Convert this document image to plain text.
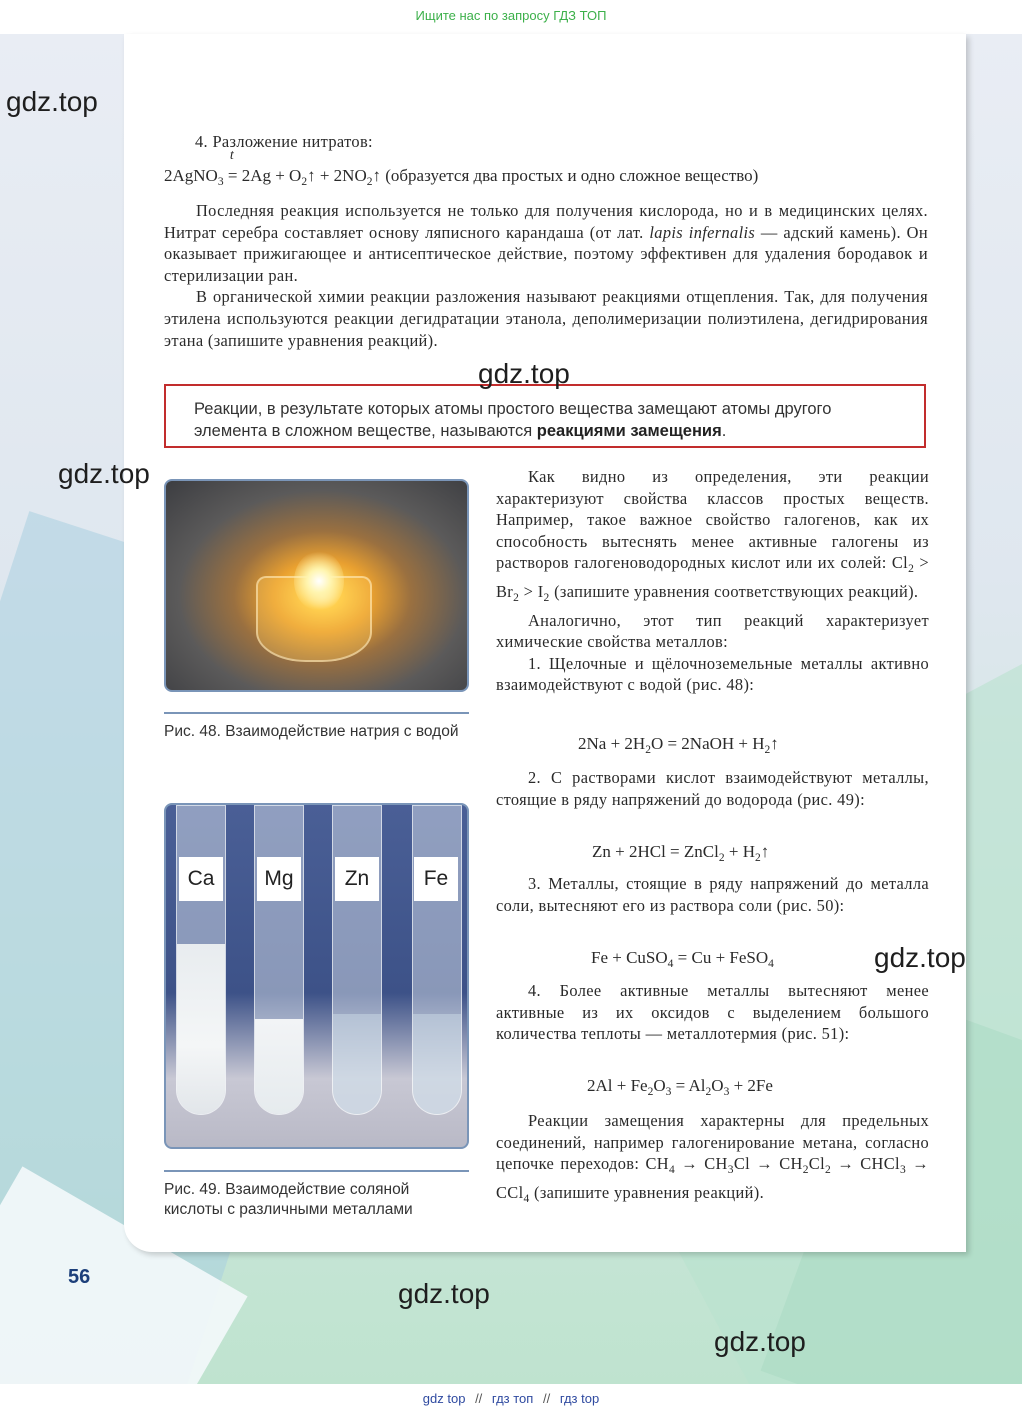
Ищите нас по запросу ГДЗ ТОП
4. Разложение нитратов:
2AgNO$_3$ =
t
$2Ag + O_2↑$ + $2NO_2↑$ (образуется два простых и одно сложное вещество)

Последняя реакция используется не только для получения кислорода, но и в медицинских целях. Нитрат серебра составляет основу ляписного карандаша (от лат. lapis infernalis — адский камень). Он оказывает прижигающее и антисептическое действие, поэтому эффективен для удаления бородавок и стерилизации ран.

В органической химии реакции разложения называют реакциями отщепления. Так, для получения этилена используются реакции дегидратации этанола, деполимеризации полиэтилена, дегидрирования этана (запишите уравнения реакций).

Реакции, в результате которых атомы простого вещества замещают атомы другого элемента в сложном веществе, называются реакциями замещения.
Рис. 48. Взаимодействие натрия с водой
Ca	Mg	Zn	Fe
Рис. 49. Взаимодействие соляной кислоты с различными металлами

Как видно из определения, эти реакции характеризуют свойства классов простых веществ. Например, такое важное свойство галогенов, как их способность вытеснять менее активные галогены из растворов галогеноводородных кислот или их солей: $Cl_2 > Br_2 > I_2$ (запишите уравнения соответствующих реакций).

Аналогично, этот тип реакций характеризует химические свойства металлов:

1. Щелочные и щёлочноземельные металлы активно взаимодействуют с водой (рис. 48):

$2Na + 2H_2O$ = 2NaOH + $H_2↑$

2. С растворами кислот взаимодействуют металлы, стоящие в ряду напряжений до водорода (рис. 49):

Zn + 2HCl = ZnCl$_2$ + $H_2↑$

3. Металлы, стоящие в ряду напряжений до металла соли, вытесняют его из раствора соли (рис. 50):

Fe + CuSO$_4$ = Cu + FeSO$_4$

4. Более активные металлы вытесняют менее активные из их оксидов с выделением большого количества теплоты — металлотермия (рис. 51):

$2Al + Fe_2O_3 = Al_2O_3 + 2Fe$

Реакции замещения характерны для предельных соединений, например галогенирование метана, согласно цепочке переходов: $CH_4 \to CH_3Cl \to CH_2Cl_2$ → CHCl$_3$ → CCl$_4$ (запишите уравнения реакций).

56
gdz.top
gdz.top
gdz.top
gdz.top
gdz.top
gdz.top
gdz top // гдз топ // гдз top
